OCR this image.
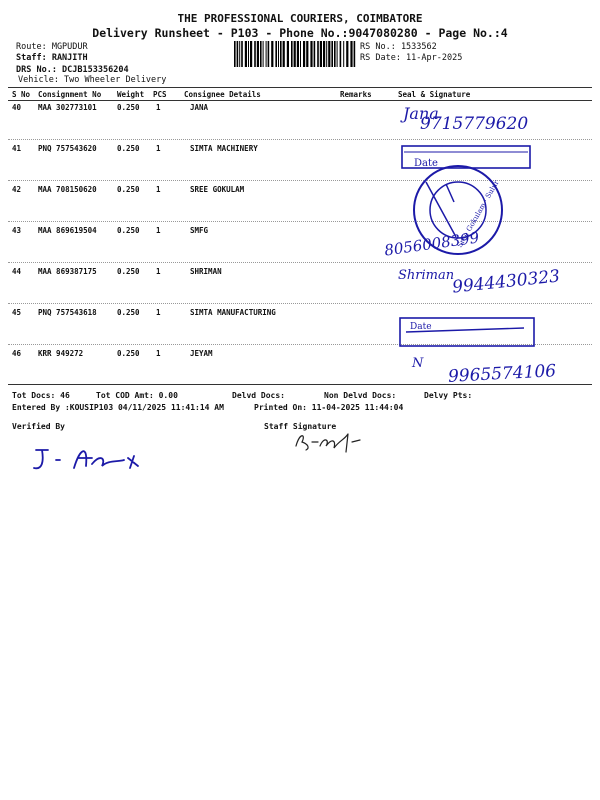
THE PROFESSIONAL COURIERS, COIMBATORE
Delivery Runsheet - P103 - Phone No.:9047080280 - Page No.:4
Route: MGPUDUR
Staff: RANJITH
DRS No.: DCJB153356204
Vehicle: Two Wheeler Delivery
RS No.: 1533562
RS Date: 11-Apr-2025
S No Consignment No Weight PCS Consignee Details	Remarks	Seal & Signature
40 MAA 302773101	0.250 1	JANA
41 PNQ 757543620	0.250 1	SIMTA MACHINERY
42 MAA 708150620	0.250 1	SREE GOKULAM
43 MAA 869619504	0.250 1	SMFG
44 MAA 869387175	0.250 1	SHRIMAN
45 PNQ 757543618	0.250 1	SIMTA MANUFACTURING
46 KRR 949272	0.250 1	JEYAM
Jana
9715779620
Date
Sree Gokulam · Sulur
8056008399
Shriman
9944430323
Date
N 9965574106
Tot Docs: 46	Tot COD Amt: 0.00	Delvd Docs:	Non Delvd Docs:	Delvy Pts:
Entered By :KOUSIP103 04/11/2025 11:41:14 AM	Printed On: 11-04-2025 11:44:04
Verified By	Staff Signature
